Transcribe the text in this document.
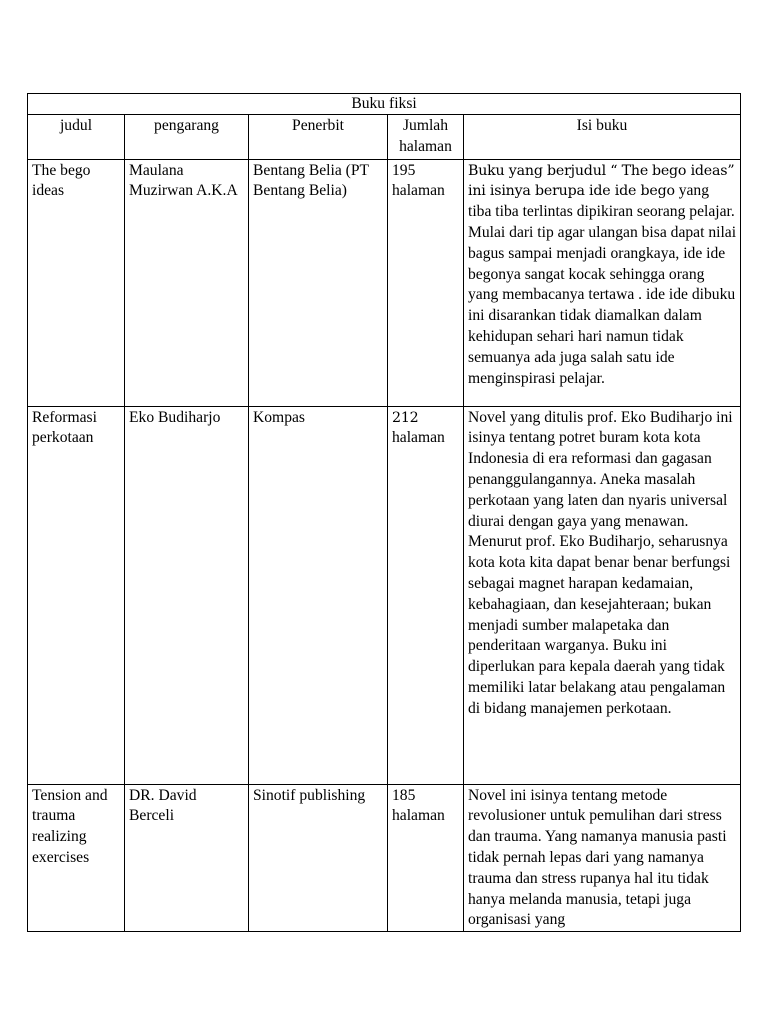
Buku fiksi				
judul	pengarang	Penerbit	Jumlah halaman	Isi buku
The bego ideas	Maulana Muzirwan A.K.A	Bentang Belia (PT Bentang Belia)	195 halaman	Buku yang berjudul “ The bego ideas” ini isinya berupa ide ide bego yang tiba tiba terlintas dipikiran seorang pelajar. Mulai dari tip agar ulangan bisa dapat nilai bagus sampai menjadi orangkaya, ide ide begonya sangat kocak sehingga orang yang membacanya tertawa . ide ide dibuku ini disarankan tidak diamalkan dalam kehidupan sehari hari namun tidak semuanya ada juga salah satu ide menginspirasi pelajar.
Reformasi perkotaan	Eko Budiharjo	Kompas	212 halaman	Novel yang ditulis prof. Eko Budiharjo ini isinya tentang potret buram kota kota Indonesia di era reformasi dan gagasan penanggulangannya. Aneka masalah perkotaan yang laten dan nyaris universal diurai dengan gaya yang menawan. Menurut prof. Eko Budiharjo, seharusnya kota kota kita dapat benar benar berfungsi sebagai magnet harapan kedamaian, kebahagiaan, dan kesejahteraan; bukan menjadi sumber malapetaka dan penderitaan warganya. Buku ini diperlukan para kepala daerah yang tidak memiliki latar belakang atau pengalaman di bidang manajemen perkotaan.
Tension and trauma realizing exercises	DR. David Berceli	Sinotif publishing	185 halaman	Novel ini isinya tentang metode revolusioner untuk pemulihan dari stress dan trauma. Yang namanya manusia pasti tidak pernah lepas dari yang namanya trauma dan stress rupanya hal itu tidak hanya melanda manusia, tetapi juga organisasi yang
